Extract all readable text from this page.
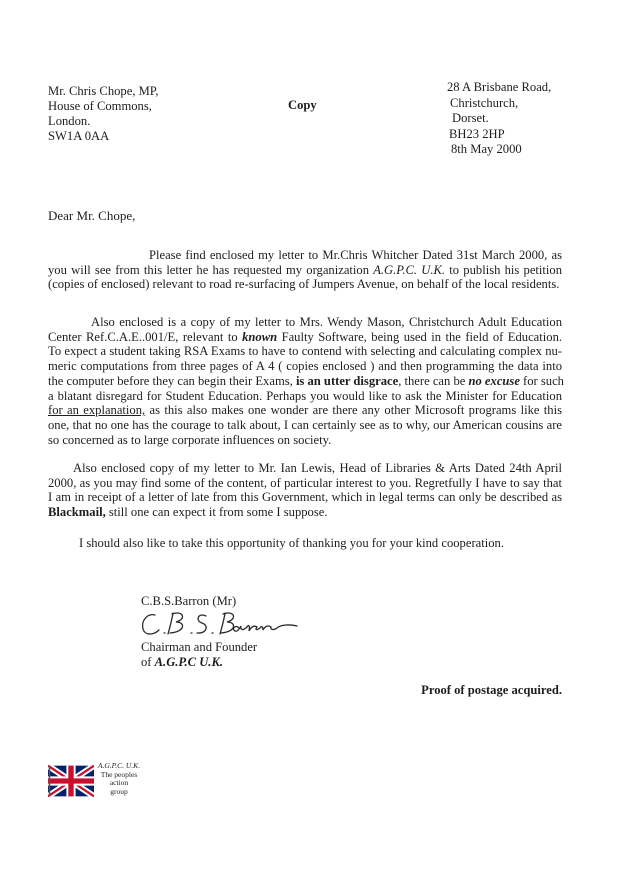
Mr. Chris Chope, MP,
House of Commons,
London.
SW1A 0AA
Copy
28 A Brisbane Road,
Christchurch,
Dorset.
BH23 2HP
8th May 2000
Dear Mr. Chope,
Please find enclosed my letter to Mr.Chris Whitcher Dated 31st March 2000, as
you will see from this letter he has requested my organization A.G.P.C. U.K. to publish his petition
(copies of enclosed) relevant to road re-surfacing of Jumpers Avenue, on behalf of the local residents.
Also enclosed is a copy of my letter to Mrs. Wendy Mason, Christchurch Adult Education
Center Ref.C.A.E..001/E, relevant to known Faulty Software, being used in the field of Education.
To expect a student taking RSA Exams to have to contend with selecting and calculating complex nu-
meric computations from three pages of A 4 ( copies enclosed ) and then programming the data into
the computer before they can begin their Exams, is an utter disgrace, there can be no excuse for such
a blatant disregard for Student Education. Perhaps you would like to ask the Minister for Education
for an explanation, as this also makes one wonder are there any other Microsoft programs like this
one, that no one has the courage to talk about, I can certainly see as to why, our American cousins are
so concerned as to large corporate influences on society.
Also enclosed copy of my letter to Mr. Ian Lewis, Head of Libraries & Arts Dated 24th April
2000, as you may find some of the content, of particular interest to you. Regretfully I have to say that
I am in receipt of a letter of late from this Government, which in legal terms can only be described as
Blackmail, still one can expect it from some I suppose.
I should also like to take this opportunity of thanking you for your kind cooperation.
C.B.S.Barron (Mr)
Chairman and Founder
of A.G.P.C U.K.
Proof of postage acquired.
A.G.P.C. U.K.
The peoples action
group
